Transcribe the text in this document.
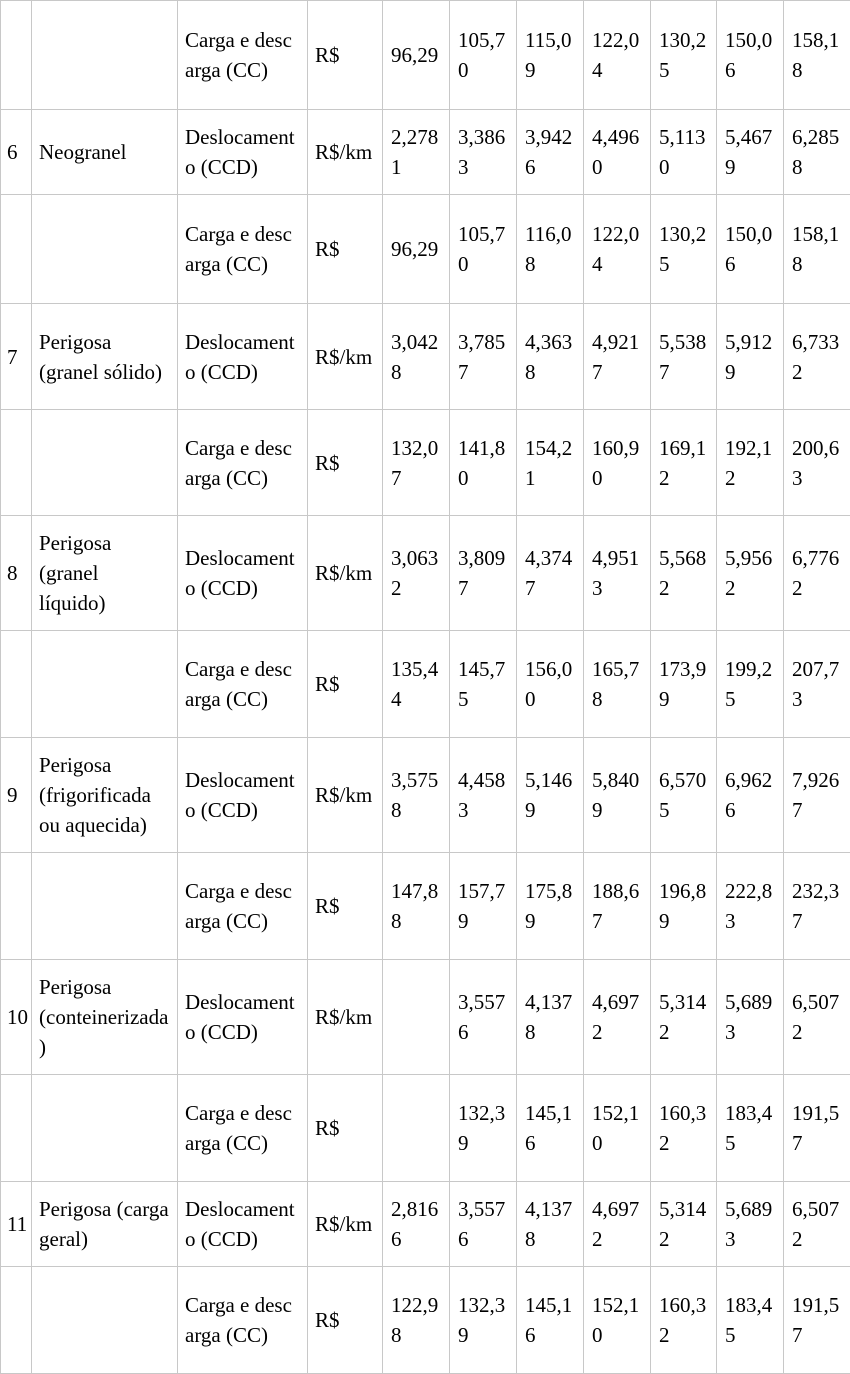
		Carga e descarga (CC)	R$	96,29	105,70	115,09	122,04	130,25	150,06	158,18
6	Neogranel	Deslocamento (CCD)	R$/km	2,2781	3,3863	3,9426	4,4960	5,1130	5,4679	6,2858
		Carga e descarga (CC)	R$	96,29	105,70	116,08	122,04	130,25	150,06	158,18
7	Perigosa (granel sólido)	Deslocamento (CCD)	R$/km	3,0428	3,7857	4,3638	4,9217	5,5387	5,9129	6,7332
		Carga e descarga (CC)	R$	132,07	141,80	154,21	160,90	169,12	192,12	200,63
8	Perigosa (granel líquido)	Deslocamento (CCD)	R$/km	3,0632	3,8097	4,3747	4,9513	5,5682	5,9562	6,7762
		Carga e descarga (CC)	R$	135,44	145,75	156,00	165,78	173,99	199,25	207,73
9	Perigosa (frigorificada ou aquecida)	Deslocamento (CCD)	R$/km	3,5758	4,4583	5,1469	5,8409	6,5705	6,9626	7,9267
		Carga e descarga (CC)	R$	147,88	157,79	175,89	188,67	196,89	222,83	232,37
10	Perigosa (conteinerizada)	Deslocamento (CCD)	R$/km		3,5576	4,1378	4,6972	5,3142	5,6893	6,5072
		Carga e descarga (CC)	R$		132,39	145,16	152,10	160,32	183,45	191,57
11	Perigosa (carga geral)	Deslocamento (CCD)	R$/km	2,8166	3,5576	4,1378	4,6972	5,3142	5,6893	6,5072
		Carga e descarga (CC)	R$	122,98	132,39	145,16	152,10	160,32	183,45	191,57
